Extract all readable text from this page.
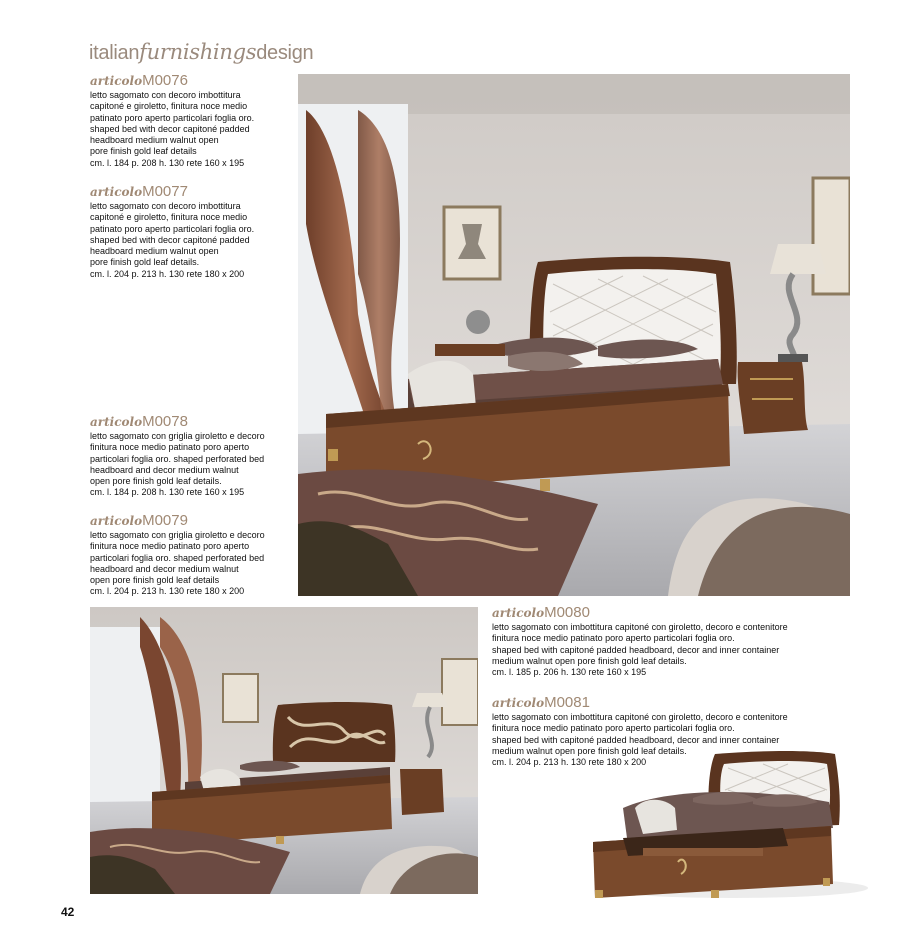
italianfurnishingsdesign
articoloM0076
letto sagomato con decoro imbottitura
capitoné e giroletto, finitura noce medio
patinato poro aperto particolari foglia oro.
shaped bed with decor capitoné padded
headboard medium walnut open
pore finish gold leaf details
cm. l. 184 p. 208 h. 130 rete 160 x 195
articoloM0077
letto sagomato con decoro imbottitura
capitoné e giroletto, finitura noce medio
patinato poro aperto particolari foglia oro.
shaped bed with decor capitoné padded
headboard medium walnut open
pore finish gold leaf details.
cm. l. 204 p. 213 h. 130 rete 180 x 200
articoloM0078
letto sagomato con griglia giroletto e decoro
finitura noce medio patinato poro aperto
particolari foglia oro. shaped perforated bed
headboard and decor medium walnut
open pore finish gold leaf details.
cm. l. 184 p. 208 h. 130 rete 160 x 195
articoloM0079
letto sagomato con griglia giroletto e decoro
finitura noce medio patinato poro aperto
particolari foglia oro. shaped perforated bed
headboard and decor medium walnut
open pore finish gold leaf details
cm. l. 204 p. 213 h. 130 rete 180 x 200
articoloM0080
letto sagomato con imbottitura capitoné con giroletto, decoro e contenitore
finitura noce medio patinato poro aperto particolari foglia oro.
shaped bed with capitoné padded headboard, decor and inner container
medium walnut open pore finish gold leaf details.
cm. l. 185 p. 206 h. 130 rete 160 x 195
articoloM0081
letto sagomato con imbottitura capitoné con giroletto, decoro e contenitore
finitura noce medio patinato poro aperto particolari foglia oro.
shaped bed with capitoné padded headboard, decor and inner container
medium walnut open pore finish gold leaf details.
cm. l. 204 p. 213 h. 130 rete 180 x 200
42
